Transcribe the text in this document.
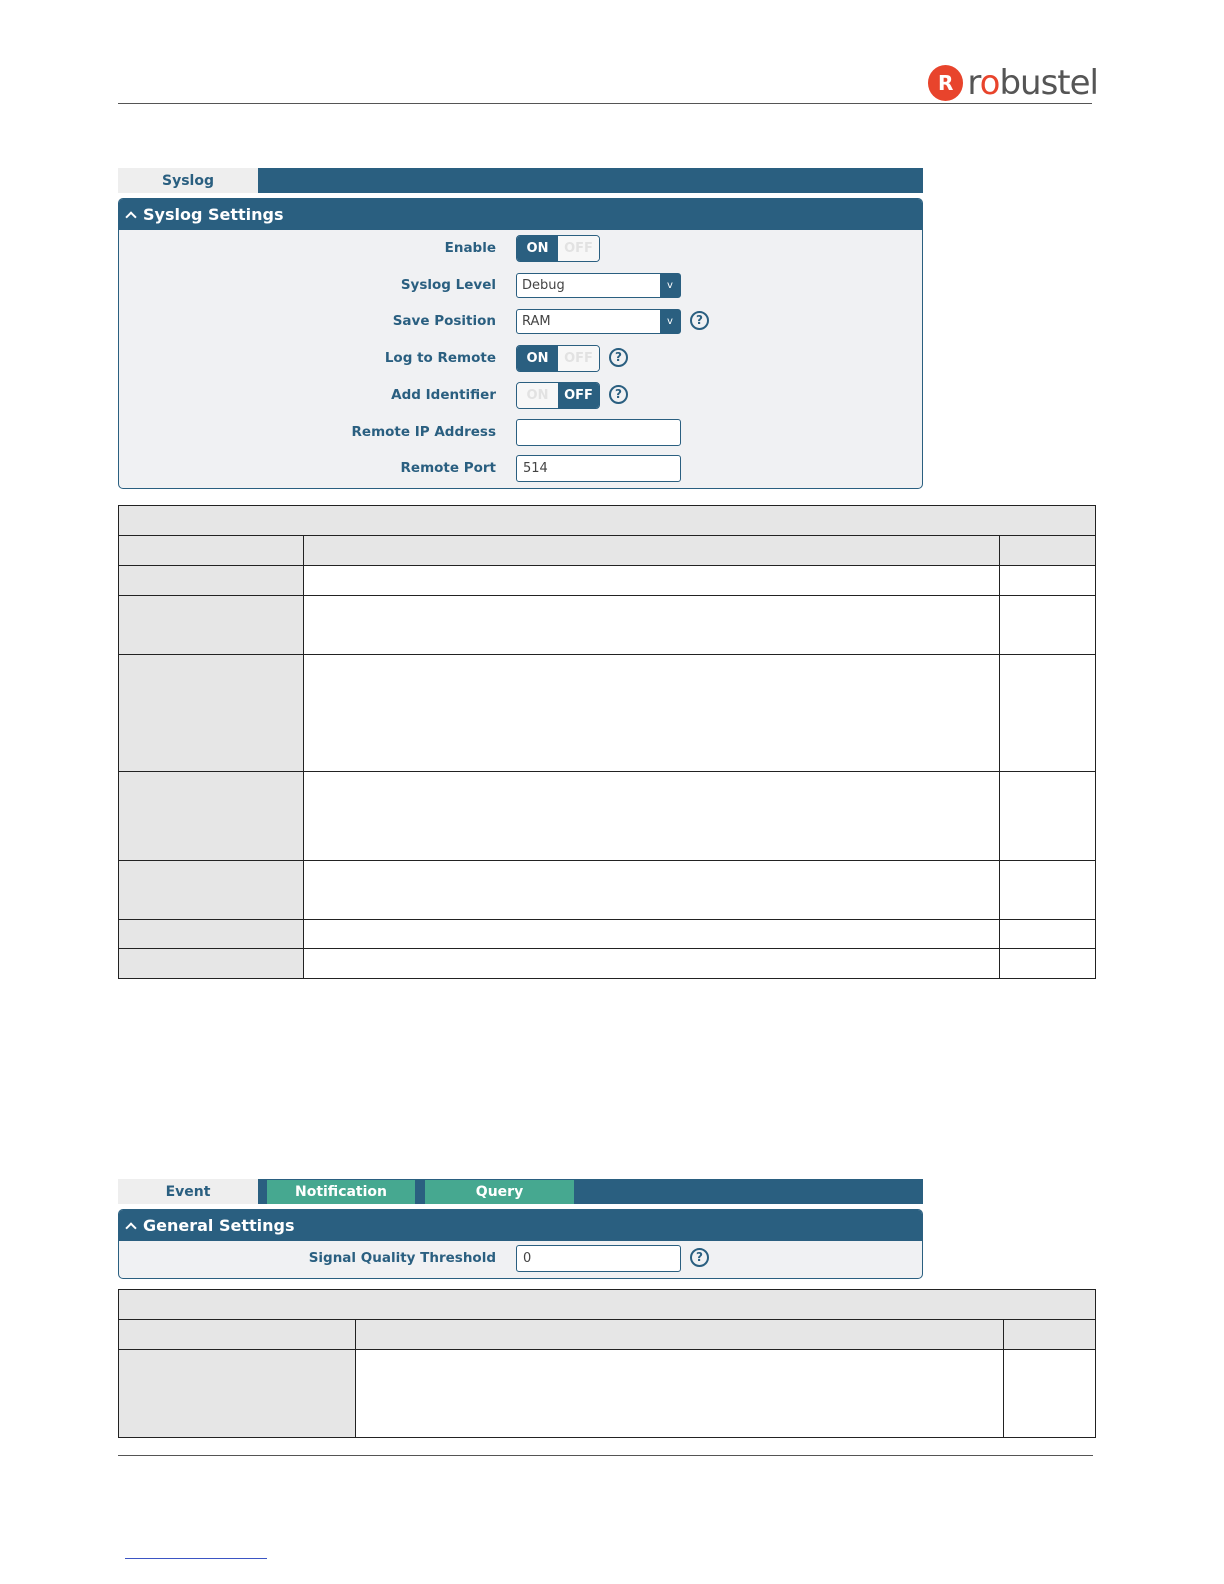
R robustel
Syslog
Syslog Settings
Enable	ON	OFF
Syslog Level	Debug	v
Save Position	RAM	v	?
Log to Remote	ON	OFF	?
Add Identifier	ON	OFF	?
Remote IP Address
Remote Port	514

Event	Notification	Query
General Settings
Signal Quality Threshold	0	?
